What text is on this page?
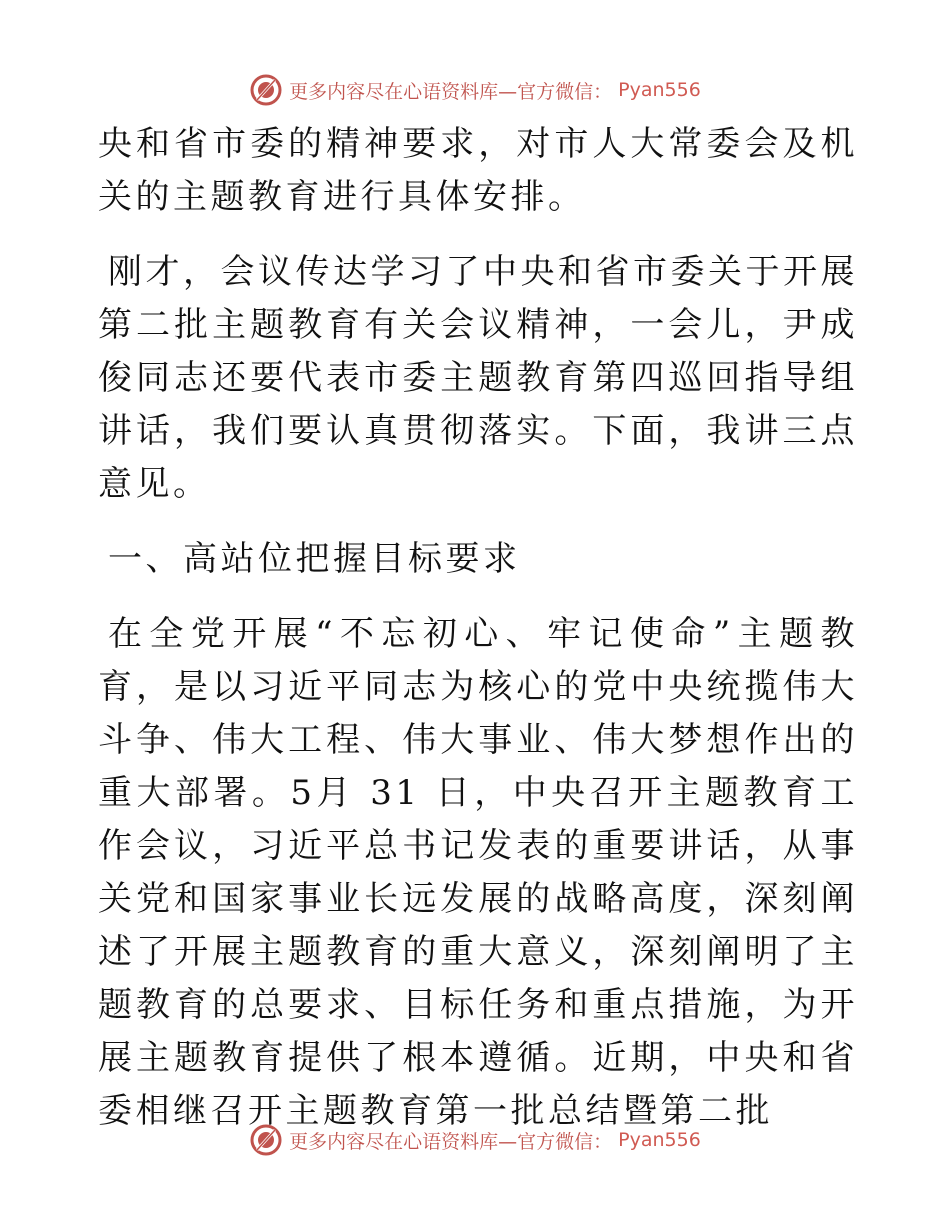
更多内容尽在心语资料库—官方微信： Pyan556

央和省市委的精神要求，对市人大常委会及机关的主题教育进行具体安排。

刚才，会议传达学习了中央和省市委关于开展第二批主题教育有关会议精神，一会儿，尹成俊同志还要代表市委主题教育第四巡回指导组讲话，我们要认真贯彻落实。下面，我讲三点意见。

一、高站位把握目标要求

在全党开展“不忘初心、牢记使命”主题教育，是以习近平同志为核心的党中央统揽伟大斗争、伟大工程、伟大事业、伟大梦想作出的重大部署。5月 31 日，中央召开主题教育工作会议，习近平总书记发表的重要讲话，从事关党和国家事业长远发展的战略高度，深刻阐述了开展主题教育的重大意义，深刻阐明了主题教育的总要求、目标任务和重点措施，为开展主题教育提供了根本遵循。近期，中央和省委相继召开主题教育第一批总结暨第二批

更多内容尽在心语资料库—官方微信： Pyan556
